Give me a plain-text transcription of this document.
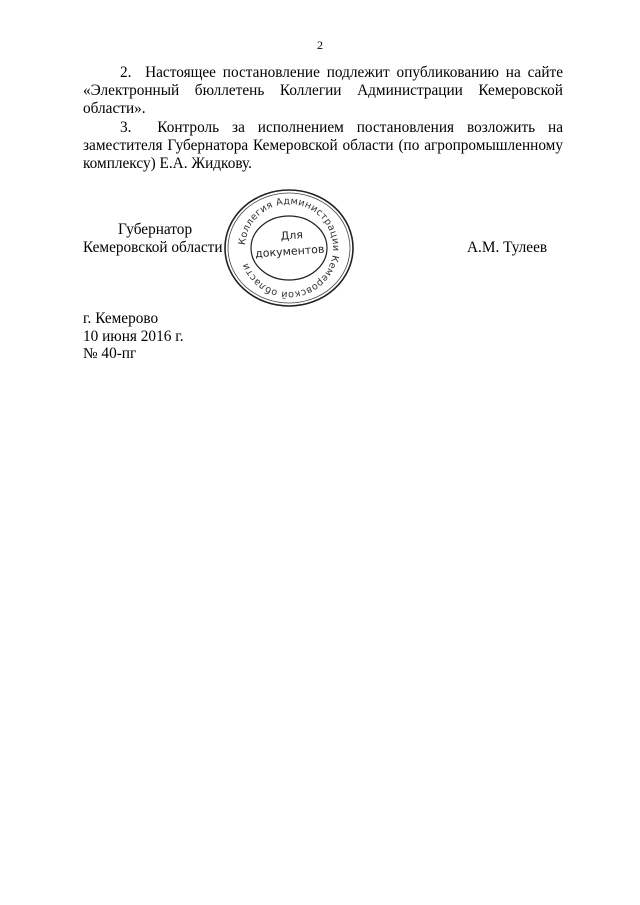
2

2.  Настоящее постановление подлежит опубликованию на сайте «Электронный бюллетень Коллегии Администрации Кемеровской области».

3.  Контроль за исполнением постановления возложить на заместителя Губернатора Кемеровской области (по агропромышленному комплексу) Е.А. Жидкову.

Губернатор
Кемеровской области	А.М. Тулеев
Коллегия Администрации Кемеровской области
Для
документов
г. Кемерово
10 июня 2016 г.
№ 40-пг
